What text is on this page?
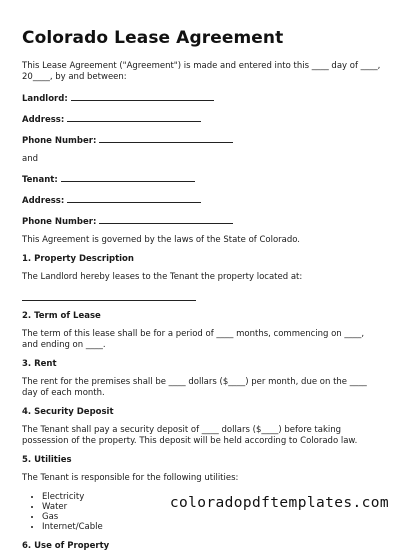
Colorado Lease Agreement

This Lease Agreement ("Agreement") is made and entered into this ____ day of ____, 20____, by and between:

Landlord:
Address:
Phone Number:
and
Tenant:
Address:
Phone Number:

This Agreement is governed by the laws of the State of Colorado.

1. Property Description

The Landlord hereby leases to the Tenant the property located at:

2. Term of Lease

The term of this lease shall be for a period of ____ months, commencing on ____, and ending on ____.

3. Rent

The rent for the premises shall be ____ dollars ($____) per month, due on the ____ day of each month.

4. Security Deposit

The Tenant shall pay a security deposit of ____ dollars ($____) before taking possession of the property. This deposit will be held according to Colorado law.

5. Utilities

The Tenant is responsible for the following utilities:

• Electricity
• Water
• Gas
• Internet/Cable
6. Use of Property
coloradopdftemplates.com
